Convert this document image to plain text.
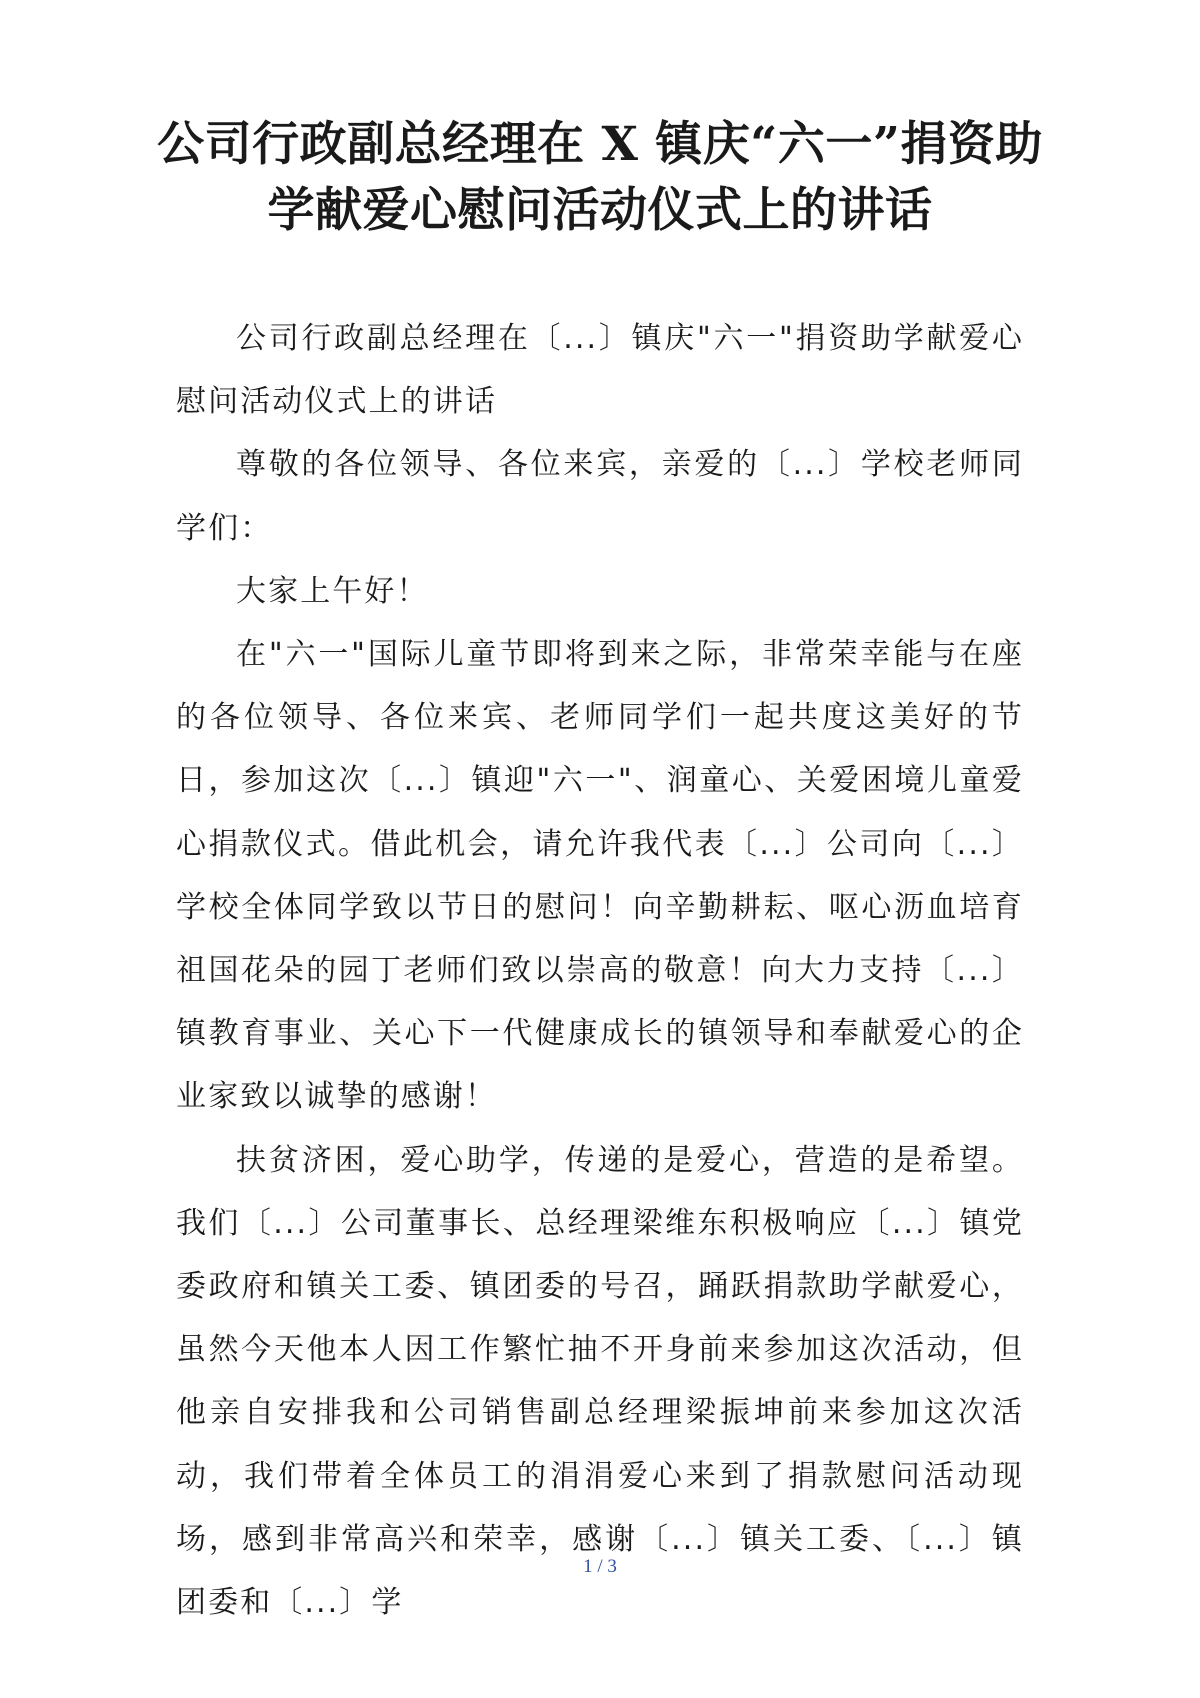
公司行政副总经理在 X 镇庆“六一”捐资助
学献爱心慰问活动仪式上的讲话

公司行政副总经理在〔...〕镇庆"六一"捐资助学献爱心慰问活动仪式上的讲话

尊敬的各位领导、各位来宾，亲爱的〔...〕学校老师同学们：

大家上午好！

在"六一"国际儿童节即将到来之际，非常荣幸能与在座的各位领导、各位来宾、老师同学们一起共度这美好的节日，参加这次〔...〕镇迎"六一"、润童心、关爱困境儿童爱心捐款仪式。借此机会，请允许我代表〔...〕公司向〔...〕学校全体同学致以节日的慰问！向辛勤耕耘、呕心沥血培育祖国花朵的园丁老师们致以崇高的敬意！向大力支持〔...〕镇教育事业、关心下一代健康成长的镇领导和奉献爱心的企业家致以诚挚的感谢！

扶贫济困，爱心助学，传递的是爱心，营造的是希望。我们〔...〕公司董事长、总经理梁维东积极响应〔...〕镇党委政府和镇关工委、镇团委的号召，踊跃捐款助学献爱心，虽然今天他本人因工作繁忙抽不开身前来参加这次活动，但他亲自安排我和公司销售副总经理梁振坤前来参加这次活动，我们带着全体员工的涓涓爱心来到了捐款慰问活动现场，感到非常高兴和荣幸，感谢〔...〕镇关工委、〔...〕镇团委和〔...〕学

1 / 3
